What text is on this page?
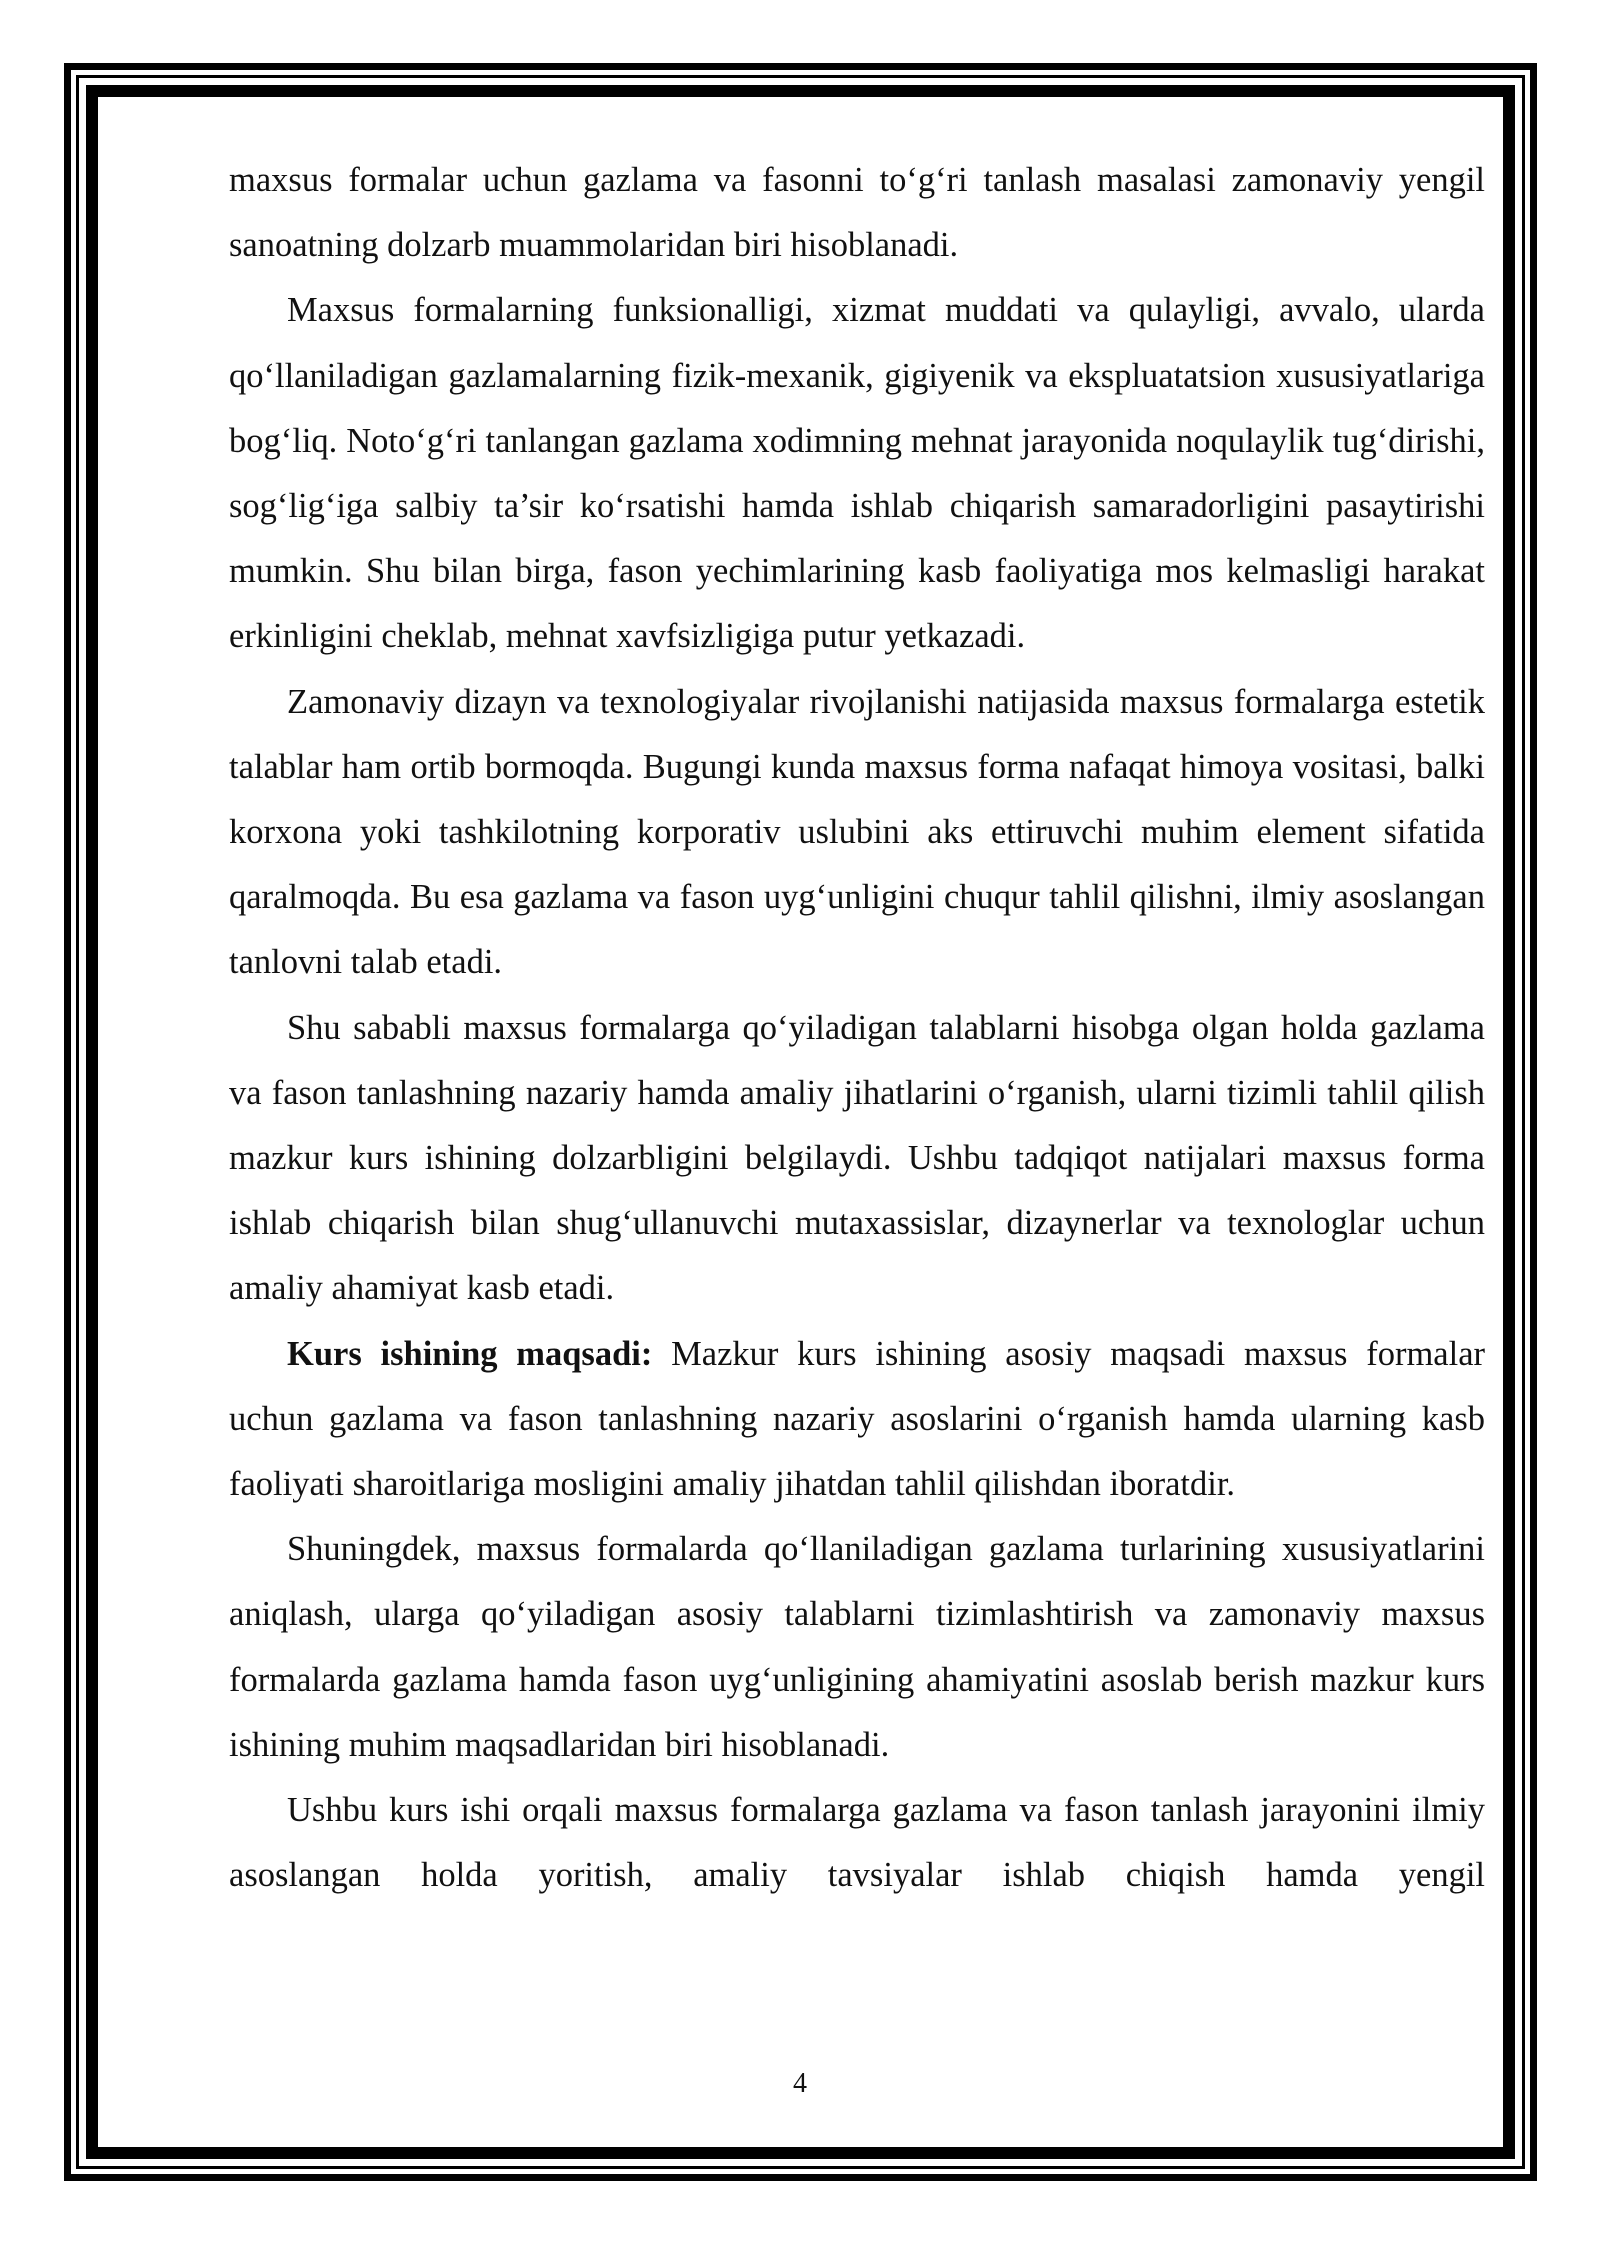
maxsus formalar uchun gazlama va fasonni to‘g‘ri tanlash masalasi zamonaviy yengil sanoatning dolzarb muammolaridan biri hisoblanadi.

Maxsus formalarning funksionalligi, xizmat muddati va qulayligi, avvalo, ularda qo‘llaniladigan gazlamalarning fizik-mexanik, gigiyenik va ekspluatatsion xususiyatlariga bog‘liq. Noto‘g‘ri tanlangan gazlama xodimning mehnat jarayonida noqulaylik tug‘dirishi, sog‘lig‘iga salbiy ta’sir ko‘rsatishi hamda ishlab chiqarish samaradorligini pasaytirishi mumkin. Shu bilan birga, fason yechimlarining kasb faoliyatiga mos kelmasligi harakat erkinligini cheklab, mehnat xavfsizligiga putur yetkazadi.

Zamonaviy dizayn va texnologiyalar rivojlanishi natijasida maxsus formalarga estetik talablar ham ortib bormoqda. Bugungi kunda maxsus forma nafaqat himoya vositasi, balki korxona yoki tashkilotning korporativ uslubini aks ettiruvchi muhim element sifatida qaralmoqda. Bu esa gazlama va fason uyg‘unligini chuqur tahlil qilishni, ilmiy asoslangan tanlovni talab etadi.

Shu sababli maxsus formalarga qo‘yiladigan talablarni hisobga olgan holda gazlama va fason tanlashning nazariy hamda amaliy jihatlarini o‘rganish, ularni tizimli tahlil qilish mazkur kurs ishining dolzarbligini belgilaydi. Ushbu tadqiqot natijalari maxsus forma ishlab chiqarish bilan shug‘ullanuvchi mutaxassislar, dizaynerlar va texnologlar uchun amaliy ahamiyat kasb etadi.

Kurs ishining maqsadi: Mazkur kurs ishining asosiy maqsadi maxsus formalar uchun gazlama va fason tanlashning nazariy asoslarini o‘rganish hamda ularning kasb faoliyati sharoitlariga mosligini amaliy jihatdan tahlil qilishdan iboratdir.

Shuningdek, maxsus formalarda qo‘llaniladigan gazlama turlarining xususiyatlarini aniqlash, ularga qo‘yiladigan asosiy talablarni tizimlashtirish va zamonaviy maxsus formalarda gazlama hamda fason uyg‘unligining ahamiyatini asoslab berish mazkur kurs ishining muhim maqsadlaridan biri hisoblanadi.

Ushbu kurs ishi orqali maxsus formalarga gazlama va fason tanlash jarayonini ilmiy asoslangan holda yoritish, amaliy tavsiyalar ishlab chiqish hamda yengil

4
